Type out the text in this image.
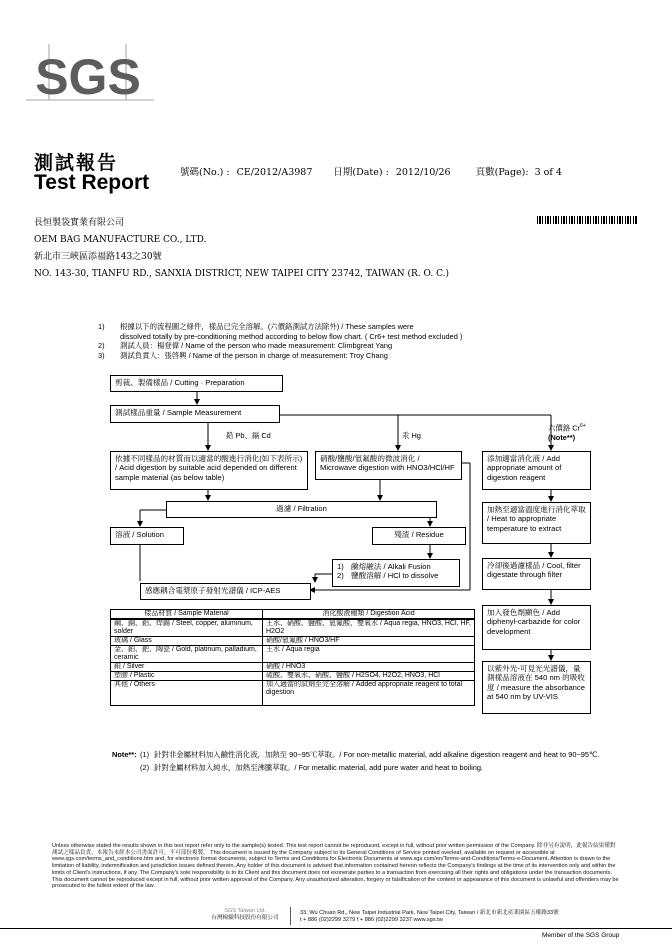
SGS
測試報告
Test Report	號碼(No.) : CE/2012/A3987 日期(Date) : 2012/10/26	頁數(Page): 3 of 4
長恒製袋實業有限公司
OEM BAG MANUFACTURE CO., LTD.
新北市三峽區添福路143之30號
NO. 143-30, TIANFU RD., SANXIA DISTRICT, NEW TAIPEI CITY 23742, TAIWAN (R. O. C.)
1)	根據以下的流程圖之條件，樣品已完全溶解。(六價鉻測試方法除外) / These samples were
dissolved totally by pre-conditioning method according to below flow chart. ( Cr6+ test method excluded )
2)	測試人員：楊登偉 / Name of the person who made measurement: Climbgreat Yang
3)	測試負責人：張啓興 / Name of the person in charge of measurement: Troy Chang
剪裁、製備樣品 / Cutting · Preparation
測試樣品重量 / Sample Measurement
鉛 Pb、鎘 Cd	汞 Hg
六價鉻 $Cr^{6+}$
(Note**)
依據不同樣品的材質而以適當的酸進行消化(如下表所示) / Acid digestion by suitable acid depended on different sample material (as below table)
硝酸/鹽酸/氫氟酸的微波消化 / Microwave digestion with HNO3/HCl/HF
添加適當消化液 / Add appropriate amount of digestion reagent
過濾 / Filtration
溶液 / Solution	殘渣 / Residue
1) 鹼熔融法 / Alkali Fusion
2) 鹽酸溶解 / HCl to dissolve
感應耦合電漿原子發射光譜儀 / ICP-AES
加熱至適當溫度進行消化萃取 / Heat to appropriate temperature to extract
冷卻後過濾樣品 / Cool, filter digestate through filter
加入發色劑顯色 / Add diphenyl-carbazide for color development
以紫外光-可見光光譜儀，量測樣品溶液在 540 nm 的吸收度 / measure the absorbance at 540 nm by UV-VIS
樣品材質 / Sample Material	消化酸液種類 / Digestion Acid
鋼、銅、鋁、焊錫 / Steel, copper, aluminum, solder	王水、硝酸、鹽酸、氫氟酸、雙氧水 / Aqua regia, HNO3, HCl, HF, H2O2
玻璃 / Glass	硝酸/氫氟酸 / HNO3/HF
金、鉑、鈀、陶瓷 / Gold, platinum, palladium, ceramic	王水 / Aqua regia
銀 / Silver	硝酸 / HNO3
塑膠 / Plastic	硫酸、雙氧水、硝酸、鹽酸 / H2SO4, H2O2, HNO3, HCl
其他 / Others	加入適當的試劑至完全溶解 / Added appropriate reagent to total digestion
Note**: (1) 針對非金屬材料加入鹼性消化液，加熱至 90~95℃萃取。/ For non-metallic material, add alkaline digestion reagent and heat to 90~95℃.
(2) 針對金屬材料加入純水，加熱至沸騰萃取。/ For metallic material, add pure water and heat to boiling.
Unless otherwise stated the results shown in this test report refer only to the sample(s) tested. This test report cannot be reproduced, except in full, without prior written permission of the Company. 除非另有說明，此報告結果僅對測試之樣品負責。本報告未經本公司書面許可，不可部份複製。 This document is issued by the Company subject to its General Conditions of Service printed overleaf, available on request or accessible at www.sgs.com/terms_and_conditions.htm and, for electronic format documents, subject to Terms and Conditions for Electronic Documents at www.sgs.com/en/Terms-and-Conditions/Terms-e-Document. Attention is drawn to the limitation of liability, indemnification and jurisdiction issues defined therein. Any holder of this document is advised that information contained hereon reflects the Company's findings at the time of its intervention only and within the limits of Client's instructions, if any. The Company's sole responsibility is to its Client and this document does not exonerate parties to a transaction from exercising all their rights and obligations under the transaction documents. This document cannot be reproduced except in full, without prior written approval of the Company. Any unauthorized alteration, forgery or falsification of the content or appearance of this document is unlawful and offenders may be prosecuted to the fullest extent of the law.
SGS Taiwan Ltd.
台灣檢驗科技股份有限公司
33, Wu Chuan Rd., New Taipei Industrial Park, New Taipei City, Taiwan / 新北市新北產業園區五權路33號
t + 886 (02)2299 3279 f + 886 (02)2299 3237 www.sgs.tw
Member of the SGS Group
